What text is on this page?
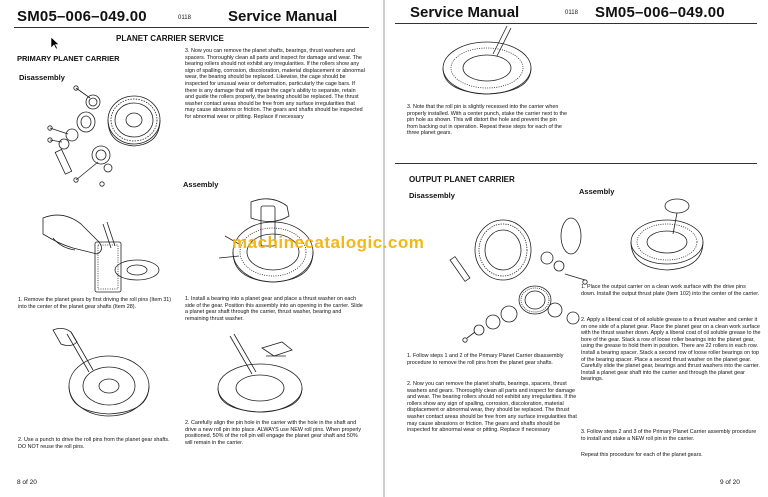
SM05–006–049.00	0118 Service Manual
PLANET CARRIER SERVICE
PRIMARY PLANET CARRIER
Disassembly
1. Remove the planet gears by first driving the roll pins (Item 31) into the center of the planet gear shafts (Item 28).
2. Use a punch to drive the roll pins from the planet gear shafts. DO NOT reuse the roll pins.
3. Now you can remove the planet shafts, bearings, thrust washers and spacers. Thoroughly clean all parts and inspect for damage and wear. The bearing rollers should not exhibit any irregularities. If the rollers show any sign of spalling, corrosion, discoloration, material displacement or abnormal wear, the bearing should be replaced. Likewise, the cage should be inspected for unusual wear or deformation, particularly the cage bars. If there is any damage that will impair the cage's ability to separate, retain and guide the rollers properly, the bearing should be replaced. The thrust washer contact areas should be free from any surface irregularities that may cause abrasions or friction. The gears and shafts should be inspected for abnormal wear or pitting. Replace if necessary
Assembly
1. Install a bearing into a planet gear and place a thrust washer on each side of the gear. Position this assembly into an opening in the carrier. Slide a planet gear shaft through the carrier, thrust washer, bearing and remaining thrust washer.
2. Carefully align the pin hole in the carrier with the hole in the shaft and drive a new roll pin into place. ALWAYS use NEW roll pins. When properly positioned, 50% of the roll pin will engage the planet gear shaft and 50% will remain in the carrier.
8 of 20
Service Manual	0118 SM05–006–049.00
3. Note that the roll pin is slightly recessed into the carrier when properly installed. With a center punch, stake the carrier next to the pin hole as shown. This will distort the hole and prevent the pin from backing out in operation. Repeat these steps for each of the three planet gears.
OUTPUT PLANET CARRIER
Disassembly
1. Follow steps 1 and 2 of the Primary Planet Carrier disassembly procedure to remove the roll pins from the planet gear shafts.
2. Now you can remove the planet shafts, bearings, spacers, thrust washers and gears. Thoroughly clean all parts and inspect for damage and wear. The bearing rollers should not exhibit any irregularities. If the rollers show any sign of spalling, corrosion, discoloration, material displacement or abnormal wear, they should be replaced. The thrust washer contact areas should be free from any surface irregularities that may cause abrasions or friction. The gears and shafts should be inspected for abnormal wear or pitting. Replace if necessary
Assembly
1. Place the output carrier on a clean work surface with the drive pins down. Install the output thrust plate (Item 102) into the center of the carrier.
2. Apply a liberal coat of oil soluble grease to a thrust washer and center it on one side of a planet gear. Place the planet gear on a clean work surface with the thrust washer down. Apply a liberal coat of oil soluble grease to the bore of the gear. Stack a row of loose roller bearings into the planet gear, using the grease to hold them in position. There are 22 rollers in each row. Install a bearing spacer. Stack a second row of loose roller bearings on top of the bearing spacer. Place a second thrust washer on the planet gear. Carefully slide the planet gear, bearings and thrust washers into the carrier. Install a planet gear shaft into the carrier and through the planet gear bearings.
3. Follow steps 2 and 3 of the Primary Planet Carrier assembly procedure to install and stake a NEW roll pin in the carrier.
Repeat this procedure for each of the planet gears.
9 of 20
machinecatalogic.com
